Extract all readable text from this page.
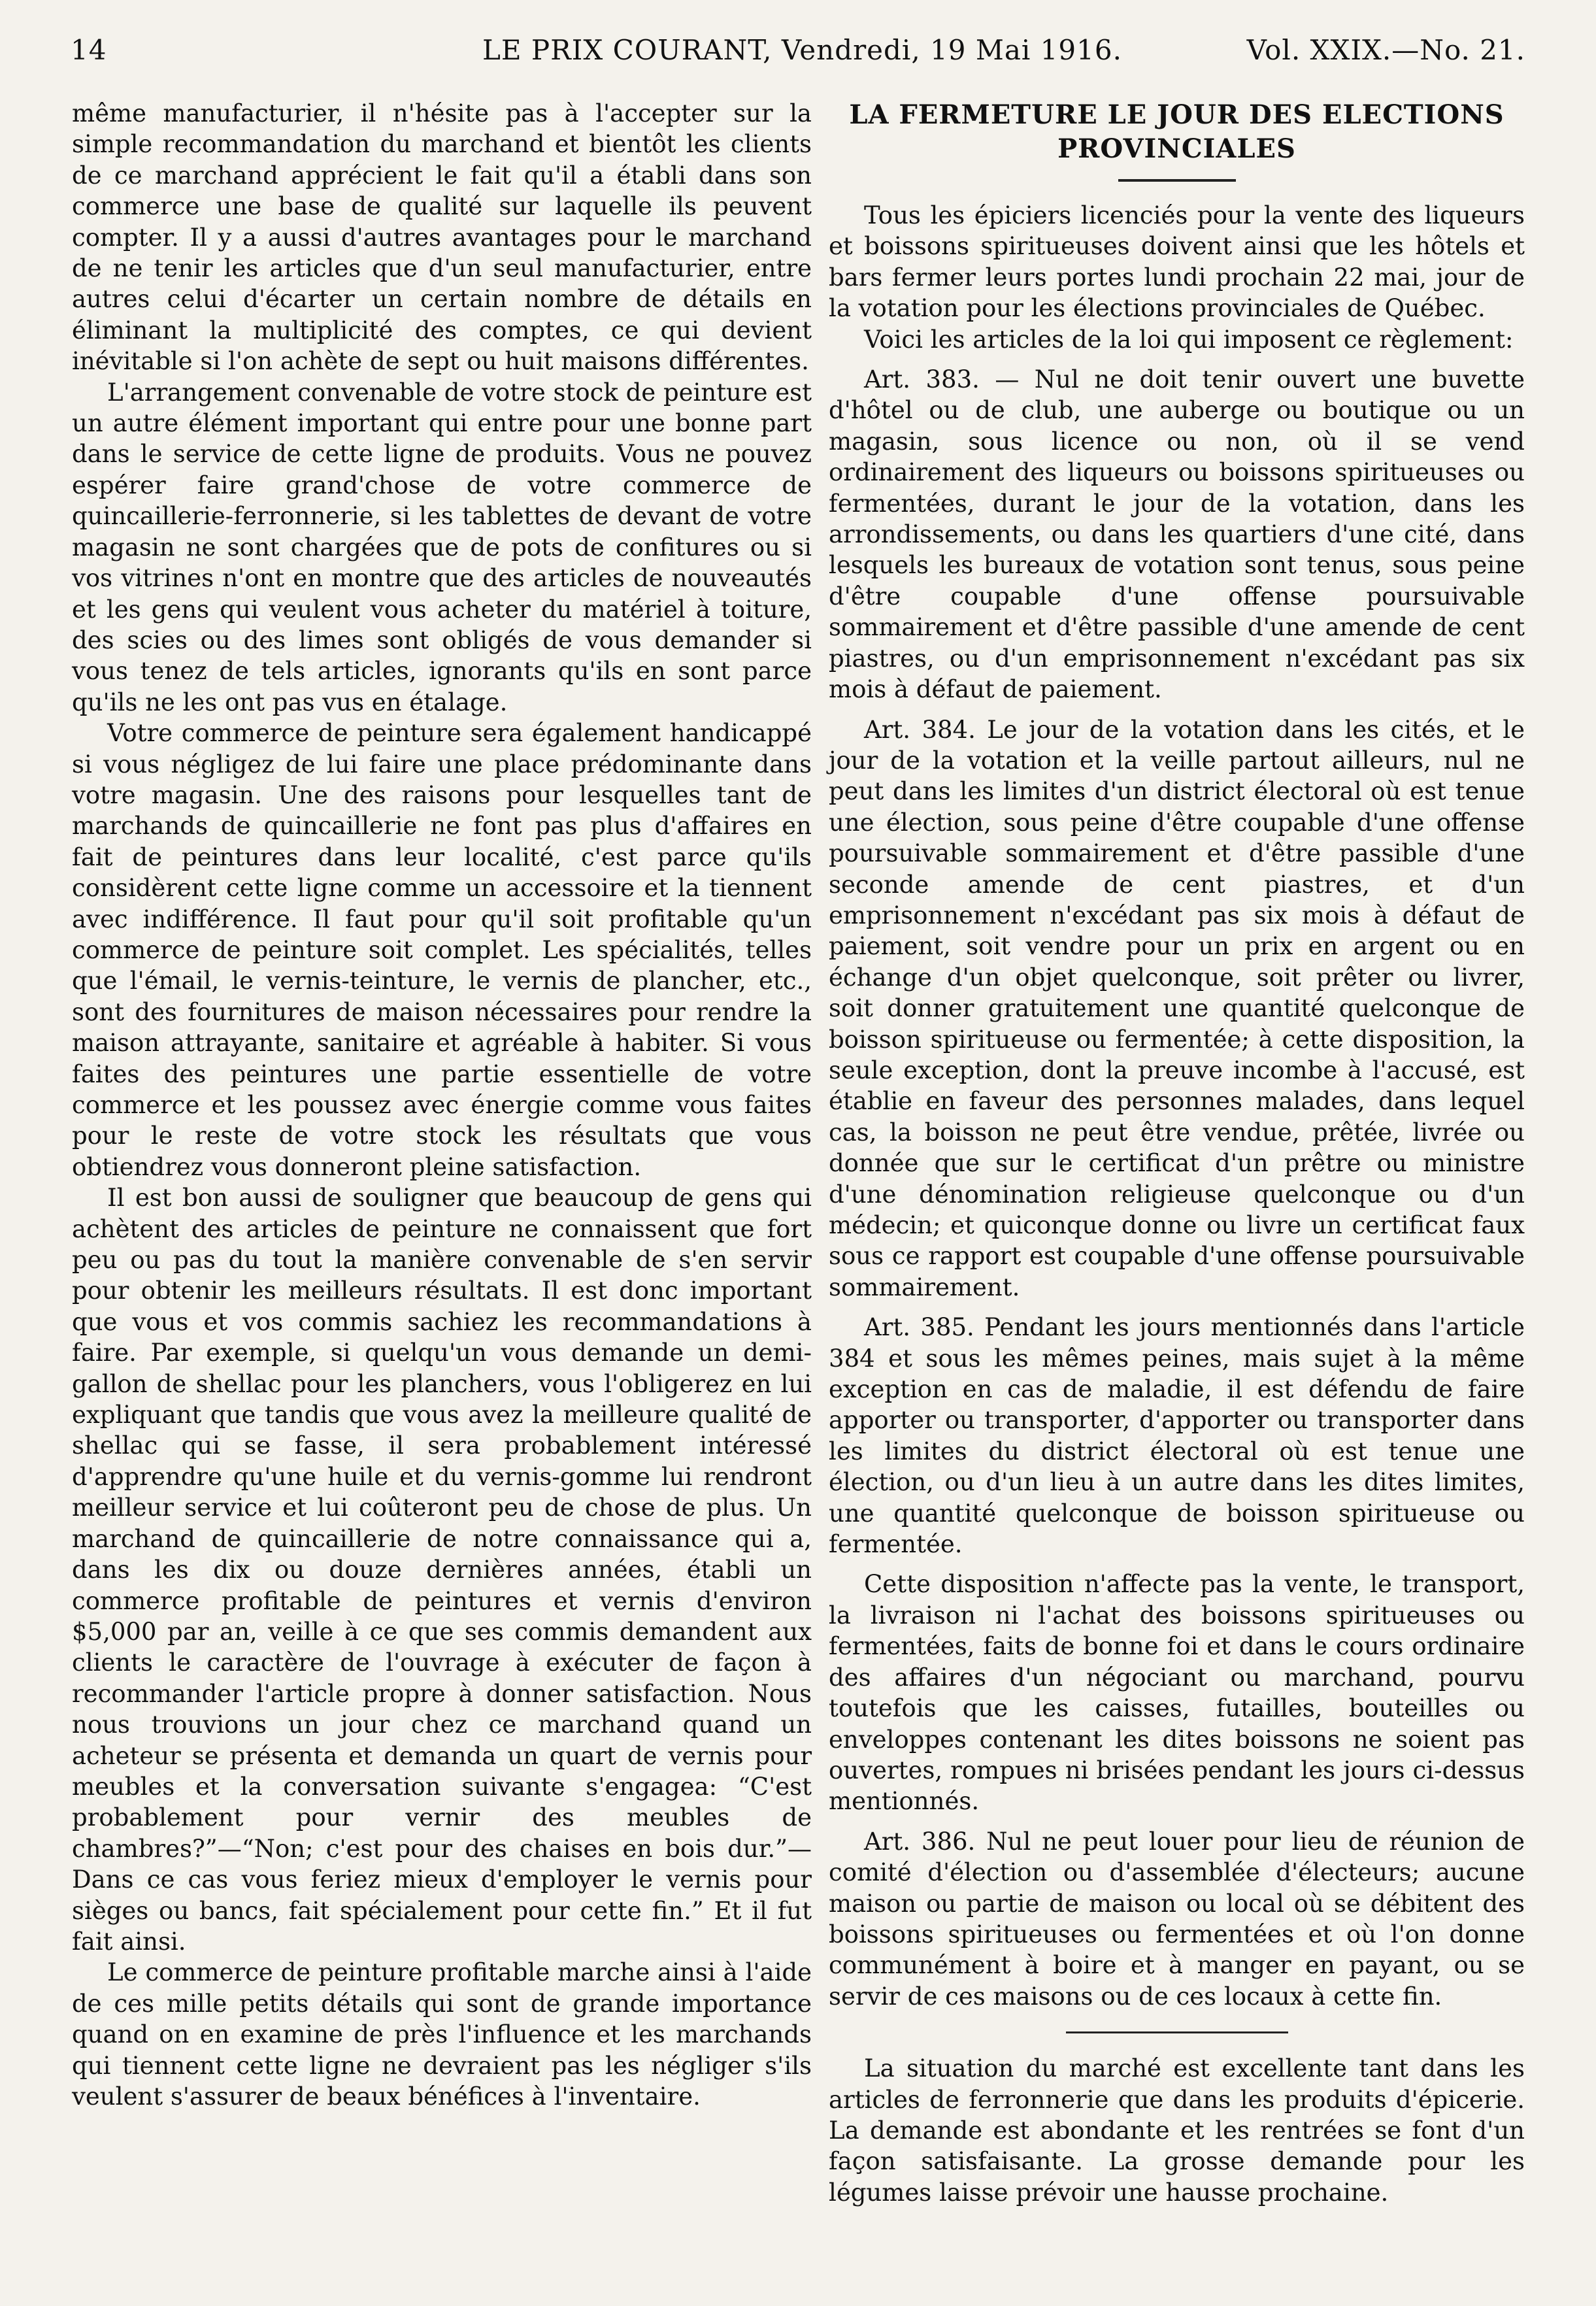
14	LE PRIX COURANT, Vendredi, 19 Mai 1916.	Vol. XXIX.—No. 21.

même manufacturier, il n'hésite pas à l'accepter sur la simple recommandation du marchand et bientôt les clients de ce marchand apprécient le fait qu'il a établi dans son commerce une base de qualité sur laquelle ils peuvent compter. Il y a aussi d'autres avantages pour le marchand de ne tenir les articles que d'un seul manufacturier, entre autres celui d'écarter un certain nombre de détails en éliminant la multiplicité des comptes, ce qui devient inévitable si l'on achète de sept ou huit maisons différentes.

L'arrangement convenable de votre stock de peinture est un autre élément important qui entre pour une bonne part dans le service de cette ligne de produits. Vous ne pouvez espérer faire grand'chose de votre commerce de quincaillerie-ferronnerie, si les tablettes de devant de votre magasin ne sont chargées que de pots de confitures ou si vos vitrines n'ont en montre que des articles de nouveautés et les gens qui veulent vous acheter du matériel à toiture, des scies ou des limes sont obligés de vous demander si vous tenez de tels articles, ignorants qu'ils en sont parce qu'ils ne les ont pas vus en étalage.

Votre commerce de peinture sera également handicappé si vous négligez de lui faire une place prédominante dans votre magasin. Une des raisons pour lesquelles tant de marchands de quincaillerie ne font pas plus d'affaires en fait de peintures dans leur localité, c'est parce qu'ils considèrent cette ligne comme un accessoire et la tiennent avec indifférence. Il faut pour qu'il soit profitable qu'un commerce de peinture soit complet. Les spécialités, telles que l'émail, le vernis-teinture, le vernis de plancher, etc., sont des fournitures de maison nécessaires pour rendre la maison attrayante, sanitaire et agréable à habiter. Si vous faites des peintures une partie essentielle de votre commerce et les poussez avec énergie comme vous faites pour le reste de votre stock les résultats que vous obtiendrez vous donneront pleine satisfaction.

Il est bon aussi de souligner que beaucoup de gens qui achètent des articles de peinture ne connaissent que fort peu ou pas du tout la manière convenable de s'en servir pour obtenir les meilleurs résultats. Il est donc important que vous et vos commis sachiez les recommandations à faire. Par exemple, si quelqu'un vous demande un demi-gallon de shellac pour les planchers, vous l'obligerez en lui expliquant que tandis que vous avez la meilleure qualité de shellac qui se fasse, il sera probablement intéressé d'apprendre qu'une huile et du vernis-gomme lui rendront meilleur service et lui coûteront peu de chose de plus. Un marchand de quincaillerie de notre connaissance qui a, dans les dix ou douze dernières années, établi un commerce profitable de peintures et vernis d'environ $5,000 par an, veille à ce que ses commis demandent aux clients le caractère de l'ouvrage à exécuter de façon à recommander l'article propre à donner satisfaction. Nous nous trouvions un jour chez ce marchand quand un acheteur se présenta et demanda un quart de vernis pour meubles et la conversation suivante s'engagea: “C'est probablement pour vernir des meubles de chambres?”—“Non; c'est pour des chaises en bois dur.”—Dans ce cas vous feriez mieux d'employer le vernis pour sièges ou bancs, fait spécialement pour cette fin.” Et il fut fait ainsi.

Le commerce de peinture profitable marche ainsi à l'aide de ces mille petits détails qui sont de grande importance quand on en examine de près l'influence et les marchands qui tiennent cette ligne ne devraient pas les négliger s'ils veulent s'assurer de beaux bénéfices à l'inventaire.

LA FERMETURE LE JOUR DES ELECTIONS
PROVINCIALES

Tous les épiciers licenciés pour la vente des liqueurs et boissons spiritueuses doivent ainsi que les hôtels et bars fermer leurs portes lundi prochain 22 mai, jour de la votation pour les élections provinciales de Québec.

Voici les articles de la loi qui imposent ce règlement:

Art. 383. — Nul ne doit tenir ouvert une buvette d'hôtel ou de club, une auberge ou boutique ou un magasin, sous licence ou non, où il se vend ordinairement des liqueurs ou boissons spiritueuses ou fermentées, durant le jour de la votation, dans les arrondissements, ou dans les quartiers d'une cité, dans lesquels les bureaux de votation sont tenus, sous peine d'être coupable d'une offense poursuivable sommairement et d'être passible d'une amende de cent piastres, ou d'un emprisonnement n'excédant pas six mois à défaut de paiement.

Art. 384. Le jour de la votation dans les cités, et le jour de la votation et la veille partout ailleurs, nul ne peut dans les limites d'un district électoral où est tenue une élection, sous peine d'être coupable d'une offense poursuivable sommairement et d'être passible d'une seconde amende de cent piastres, et d'un emprisonnement n'excédant pas six mois à défaut de paiement, soit vendre pour un prix en argent ou en échange d'un objet quelconque, soit prêter ou livrer, soit donner gratuitement une quantité quelconque de boisson spiritueuse ou fermentée; à cette disposition, la seule exception, dont la preuve incombe à l'accusé, est établie en faveur des personnes malades, dans lequel cas, la boisson ne peut être vendue, prêtée, livrée ou donnée que sur le certificat d'un prêtre ou ministre d'une dénomination religieuse quelconque ou d'un médecin; et quiconque donne ou livre un certificat faux sous ce rapport est coupable d'une offense poursuivable sommairement.

Art. 385. Pendant les jours mentionnés dans l'article 384 et sous les mêmes peines, mais sujet à la même exception en cas de maladie, il est défendu de faire apporter ou transporter, d'apporter ou transporter dans les limites du district électoral où est tenue une élection, ou d'un lieu à un autre dans les dites limites, une quantité quelconque de boisson spiritueuse ou fermentée.

Cette disposition n'affecte pas la vente, le transport, la livraison ni l'achat des boissons spiritueuses ou fermentées, faits de bonne foi et dans le cours ordinaire des affaires d'un négociant ou marchand, pourvu toutefois que les caisses, futailles, bouteilles ou enveloppes contenant les dites boissons ne soient pas ouvertes, rompues ni brisées pendant les jours ci-dessus mentionnés.

Art. 386. Nul ne peut louer pour lieu de réunion de comité d'élection ou d'assemblée d'électeurs; aucune maison ou partie de maison ou local où se débitent des boissons spiritueuses ou fermentées et où l'on donne communément à boire et à manger en payant, ou se servir de ces maisons ou de ces locaux à cette fin.

La situation du marché est excellente tant dans les articles de ferronnerie que dans les produits d'épicerie. La demande est abondante et les rentrées se font d'un façon satisfaisante. La grosse demande pour les légumes laisse prévoir une hausse prochaine.
